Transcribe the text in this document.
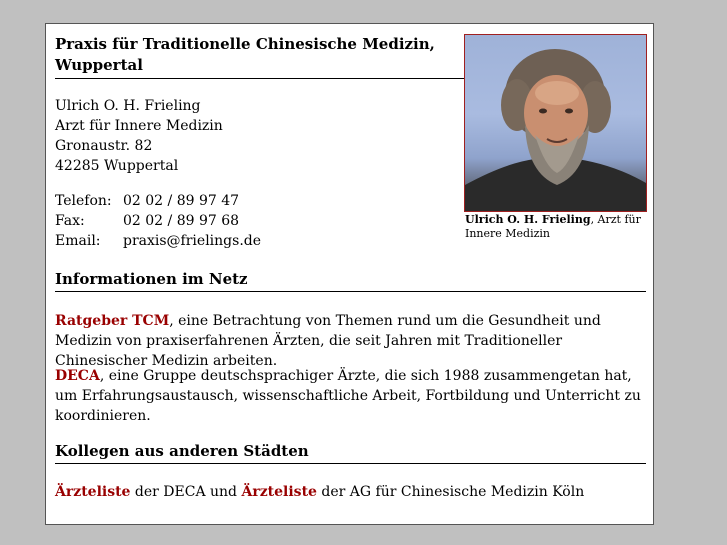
Praxis für Traditionelle Chinesische Medizin,
Wuppertal
Ulrich O. H. Frieling, Arzt für Innere Medizin
Ulrich O. H. Frieling
Arzt für Innere Medizin
Gronaustr. 82
42285 Wuppertal
Telefon: 02 02 / 89 97 47
Fax:	02 02 / 89 97 68
Email:	praxis@frielings.de
Informationen im Netz
Ratgeber TCM, eine Betrachtung von Themen rund um die Gesundheit und Medizin von praxiserfahrenen Ärzten, die seit Jahren mit Traditioneller Chinesischer Medizin arbeiten.
DECA, eine Gruppe deutschsprachiger Ärzte, die sich 1988 zusammengetan hat, um Erfahrungsaustausch, wissenschaftliche Arbeit, Fortbildung und Unterricht zu koordinieren.
Kollegen aus anderen Städten
Ärzteliste der DECA und Ärzteliste der AG für Chinesische Medizin Köln
